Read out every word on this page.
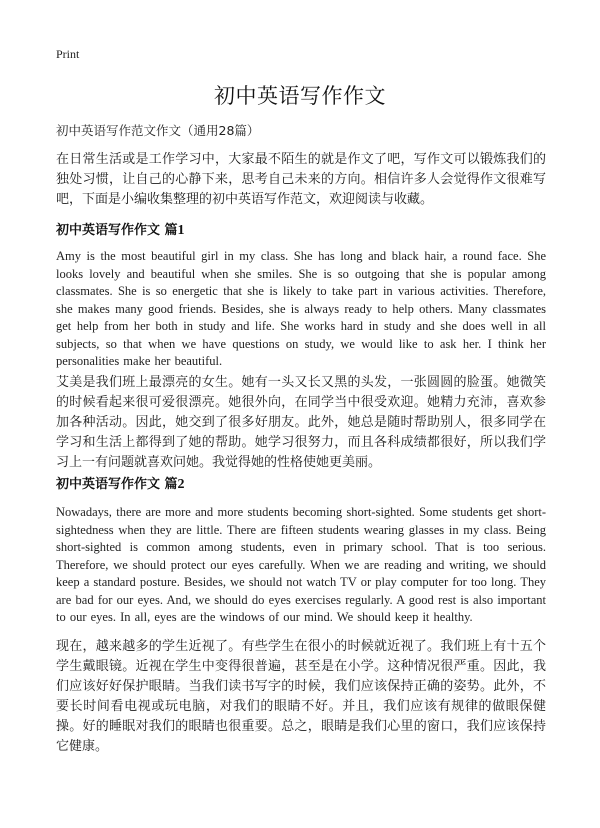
Print
初中英语写作作文
初中英语写作范文作文（通用28篇）

在日常生活或是工作学习中，大家最不陌生的就是作文了吧，写作文可以锻炼我们的独处习惯，让自己的心静下来，思考自己未来的方向。相信许多人会觉得作文很难写吧，下面是小编收集整理的初中英语写作范文，欢迎阅读与收藏。

初中英语写作作文 篇1

Amy is the most beautiful girl in my class. She has long and black hair, a round face. She looks lovely and beautiful when she smiles. She is so outgoing that she is popular among classmates. She is so energetic that she is likely to take part in various activities. Therefore, she makes many good friends. Besides, she is always ready to help others. Many classmates get help from her both in study and life. She works hard in study and she does well in all subjects, so that when we have questions on study, we would like to ask her. I think her personalities make her beautiful.

艾美是我们班上最漂亮的女生。她有一头又长又黑的头发，一张圆圆的脸蛋。她微笑的时候看起来很可爱很漂亮。她很外向，在同学当中很受欢迎。她精力充沛，喜欢参加各种活动。因此，她交到了很多好朋友。此外，她总是随时帮助别人，很多同学在学习和生活上都得到了她的帮助。她学习很努力，而且各科成绩都很好，所以我们学习上一有问题就喜欢问她。我觉得她的性格使她更美丽。

初中英语写作作文 篇2

Nowadays, there are more and more students becoming short-sighted. Some students get short-sightedness when they are little. There are fifteen students wearing glasses in my class. Being short-sighted is common among students, even in primary school. That is too serious. Therefore, we should protect our eyes carefully. When we are reading and writing, we should keep a standard posture. Besides, we should not watch TV or play computer for too long. They are bad for our eyes. And, we should do eyes exercises regularly. A good rest is also important to our eyes. In all, eyes are the windows of our mind. We should keep it healthy.

现在，越来越多的学生近视了。有些学生在很小的时候就近视了。我们班上有十五个学生戴眼镜。近视在学生中变得很普遍，甚至是在小学。这种情况很严重。因此，我们应该好好保护眼睛。当我们读书写字的时候，我们应该保持正确的姿势。此外，不要长时间看电视或玩电脑，对我们的眼睛不好。并且，我们应该有规律的做眼保健操。好的睡眠对我们的眼睛也很重要。总之，眼睛是我们心里的窗口，我们应该保持它健康。
